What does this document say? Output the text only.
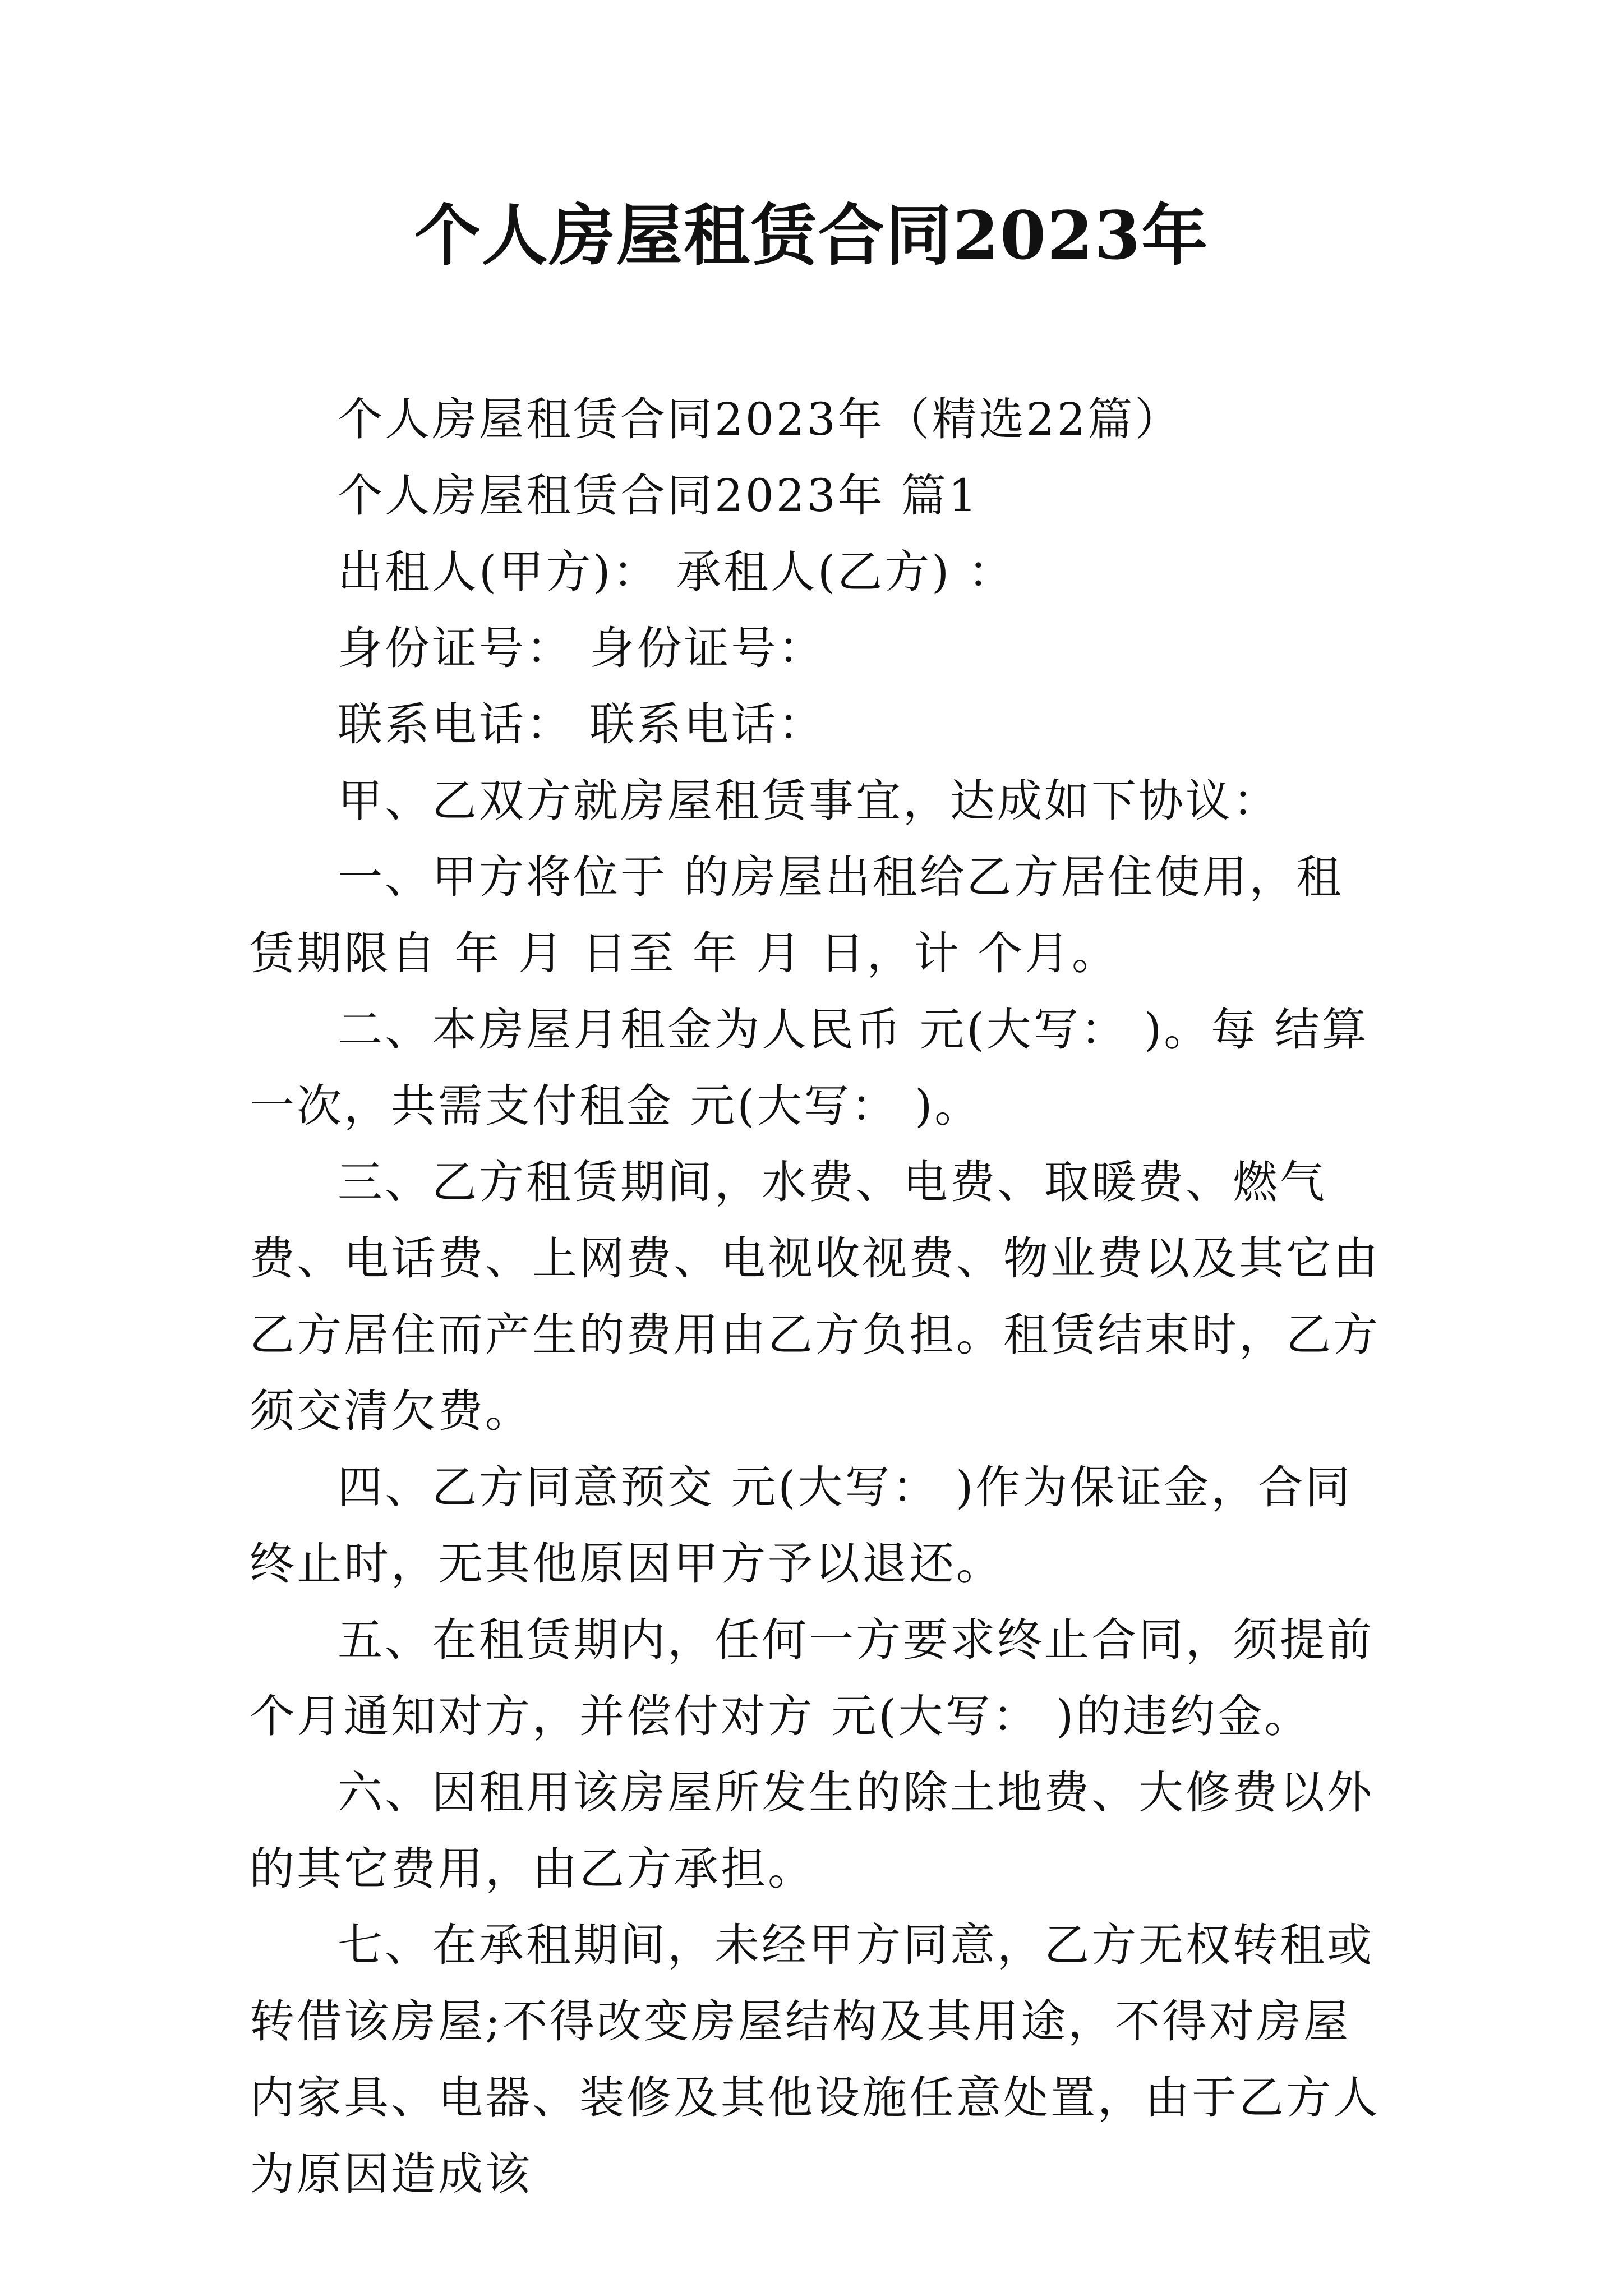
个人房屋租赁合同2023年

个人房屋租赁合同2023年（精选22篇）

个人房屋租赁合同2023年 篇1

出租人(甲方)： 承租人(乙方) ：

身份证号： 身份证号：

联系电话： 联系电话：

甲、乙双方就房屋租赁事宜，达成如下协议：

一、甲方将位于 的房屋出租给乙方居住使用，租赁期限自 年 月 日至 年 月 日，计 个月。

二、本房屋月租金为人民币 元(大写： )。每 结算一次，共需支付租金 元(大写： )。

三、乙方租赁期间，水费、电费、取暖费、燃气费、电话费、上网费、电视收视费、物业费以及其它由乙方居住而产生的费用由乙方负担。租赁结束时，乙方须交清欠费。

四、乙方同意预交 元(大写： )作为保证金，合同终止时，无其他原因甲方予以退还。

五、在租赁期内，任何一方要求终止合同，须提前 个月通知对方，并偿付对方 元(大写： )的违约金。

六、因租用该房屋所发生的除土地费、大修费以外的其它费用，由乙方承担。

七、在承租期间，未经甲方同意，乙方无权转租或转借该房屋;不得改变房屋结构及其用途，不得对房屋内家具、电器、装修及其他设施任意处置，由于乙方人为原因造成该
